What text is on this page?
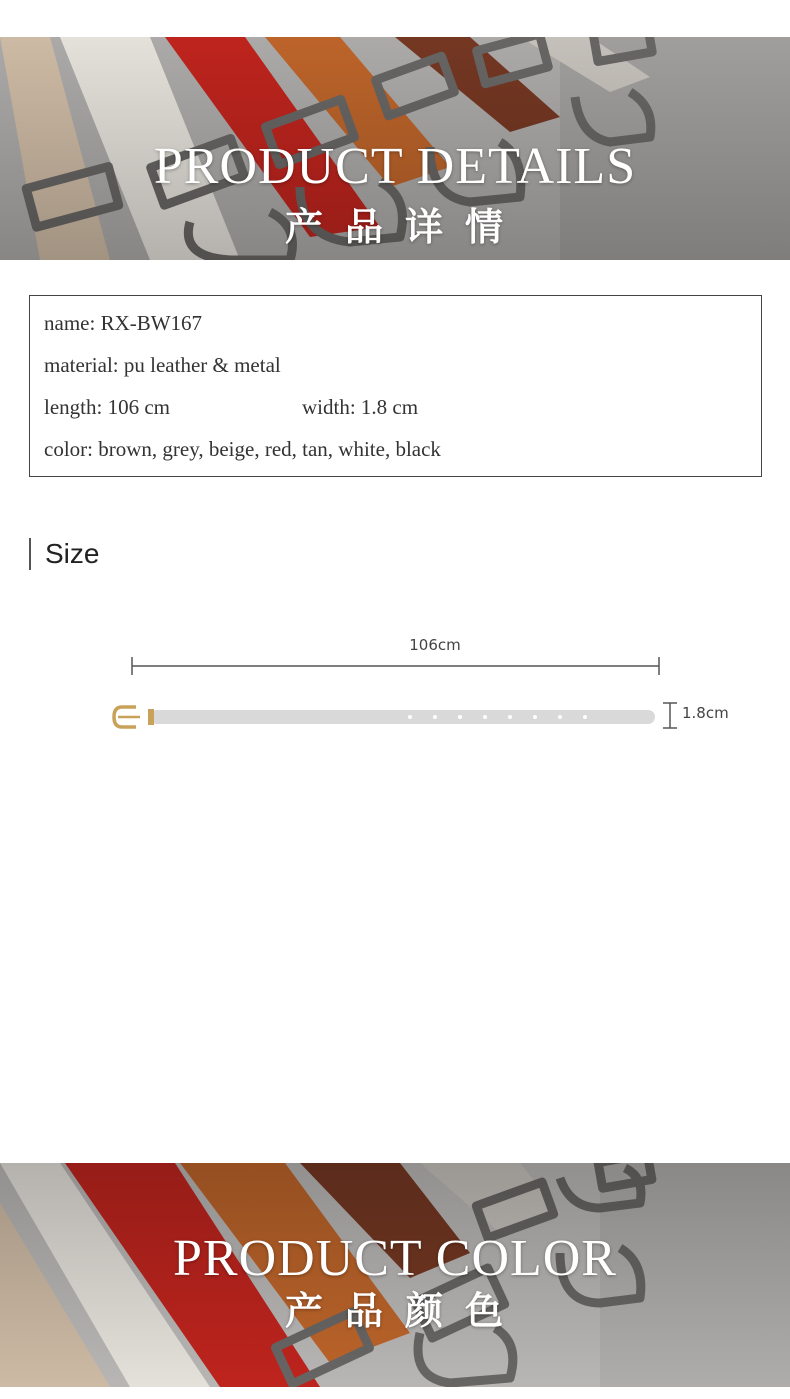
PRODUCT DETAILS
产品详情
name: RX-BW167
material: pu leather & metal
length: 106 cm	width: 1.8 cm
color: brown, grey, beige, red, tan, white, black
Size
106cm
1.8cm
PRODUCT COLOR
产品颜色
